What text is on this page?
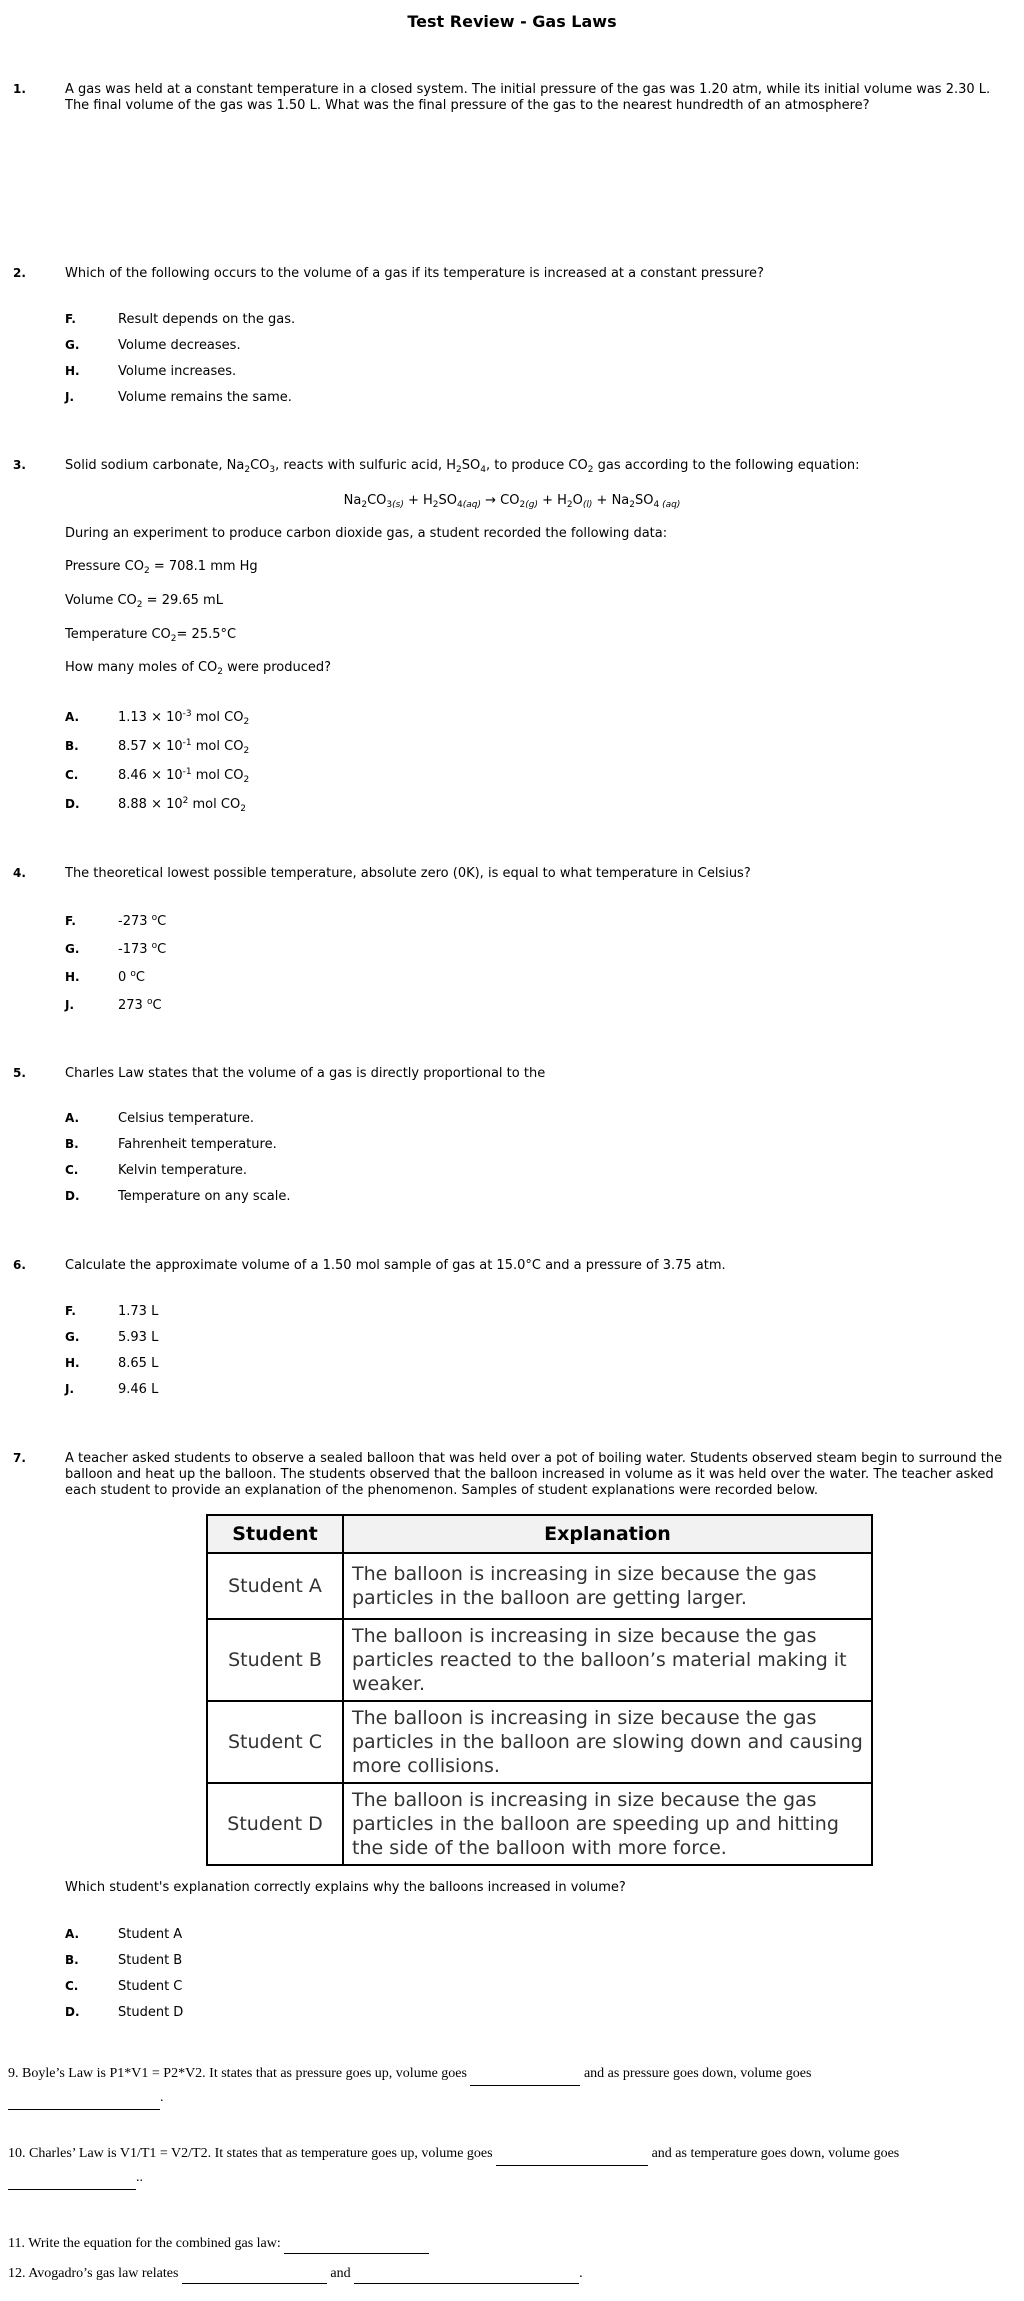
Test Review - Gas Laws
1.	A gas was held at a constant temperature in a closed system. The initial pressure of the gas was 1.20 atm, while its initial volume was 2.30 L. The final volume of the gas was 1.50 L. What was the final pressure of the gas to the nearest hundredth of an atmosphere?
2.	Which of the following occurs to the volume of a gas if its temperature is increased at a constant pressure?
F.	Result depends on the gas.
G.	Volume decreases.
H.	Volume increases.
J.	Volume remains the same.
3.	Solid sodium carbonate, $Na_2CO_3$, reacts with sulfuric acid, $H_2SO_4$, to produce $CO_2$ gas according to the following equation:
$Na_2CO_{3(s)} + H_2SO_{4(aq)} \to CO_{2(g)} + H_2O_{(l)} + Na_2SO_{4 (aq)}$
During an experiment to produce carbon dioxide gas, a student recorded the following data:
Pressure $CO_2 = 708.1$ mm Hg
Volume $CO_2 = 29.65$ mL
Temperature $CO_2= 25.5^\circ C$
How many moles of $CO_2$ were produced?
A.	$1.13 \times 10^{-3}$ mol $CO_2$
B.	$8.57 \times 10^{-1}$ mol $CO_2$
C.	$8.46 \times 10^{-1}$ mol $CO_2$
D.	$8.88 \times 10^2$ mol $CO_2$
4.	The theoretical lowest possible temperature, absolute zero (0K), is equal to what temperature in Celsius?
F.	-273 $^o$C
G.	-173 $^o$C
H.	0 $^o$C
J.	273 $^o$C
5.	Charles Law states that the volume of a gas is directly proportional to the
A.	Celsius temperature.
B.	Fahrenheit temperature.
C.	Kelvin temperature.
D.	Temperature on any scale.
6.	Calculate the approximate volume of a 1.50 mol sample of gas at 15.0°C and a pressure of 3.75 atm.
F.	1.73 L
G.	5.93 L
H.	8.65 L
J.	9.46 L
7.	A teacher asked students to observe a sealed balloon that was held over a pot of boiling water. Students observed steam begin to surround the balloon and heat up the balloon. The students observed that the balloon increased in volume as it was held over the water. The teacher asked each student to provide an explanation of the phenomenon. Samples of student explanations were recorded below.
Student	Explanation
Student A	The balloon is increasing in size because the gas particles in the balloon are getting larger.
Student B	The balloon is increasing in size because the gas particles reacted to the balloon’s material making it weaker.
Student C	The balloon is increasing in size because the gas particles in the balloon are slowing down and causing more collisions.
Student D	The balloon is increasing in size because the gas particles in the balloon are speeding up and hitting the side of the balloon with more force.
Which student's explanation correctly explains why the balloons increased in volume?
A.	Student A
B.	Student B
C.	Student C
D.	Student D
9. Boyle’s Law is P1*V1 = P2*V2. It states that as pressure goes up, volume goes	and as pressure goes down, volume goes
.
10. Charles’ Law is V1/T1 = V2/T2. It states that as temperature goes up, volume goes	and as temperature goes down, volume goes
..
11. Write the equation for the combined gas law:
12. Avogadro’s gas law relates	and	.
